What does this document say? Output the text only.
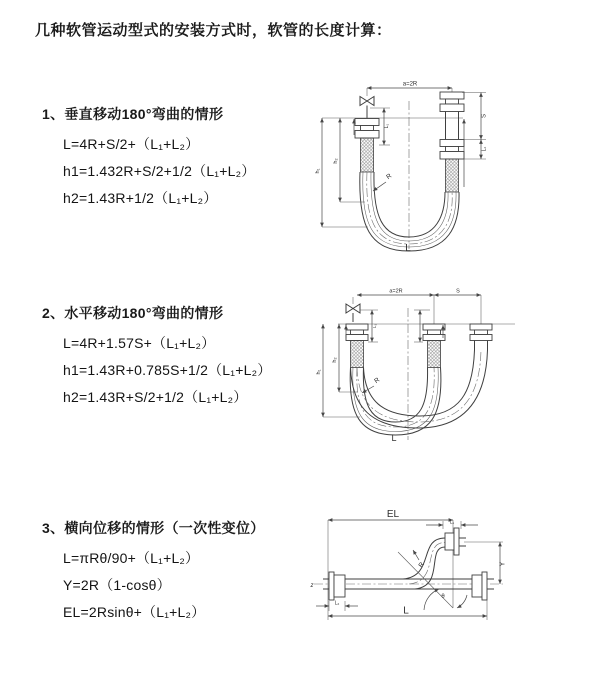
几种软管运动型式的安装方式时，软管的长度计算：
1、垂直移动180°弯曲的情形
L=4R+S/2+（L₁+L₂）
h1=1.432R+S/2+1/2（L₁+L₂）
h2=1.43R+1/2（L₁+L₂）
2、水平移动180°弯曲的情形
L=4R+1.57S+（L₁+L₂）
h1=1.43R+0.785S+1/2（L₁+L₂）
h2=1.43R+S/2+1/2（L₁+L₂）
3、横向位移的情形（一次性变位）
L=πRθ/90+（L₁+L₂）
Y=2R（1-cosθ）
EL=2Rsinθ+（L₁+L₂）
a=2R
L₁
S
L₂
h₁
h₂
R
L
a=2R	S
L₁
h₁
h₂
R
L
EL
L₁
z
Y
θ
R
L₂
L
